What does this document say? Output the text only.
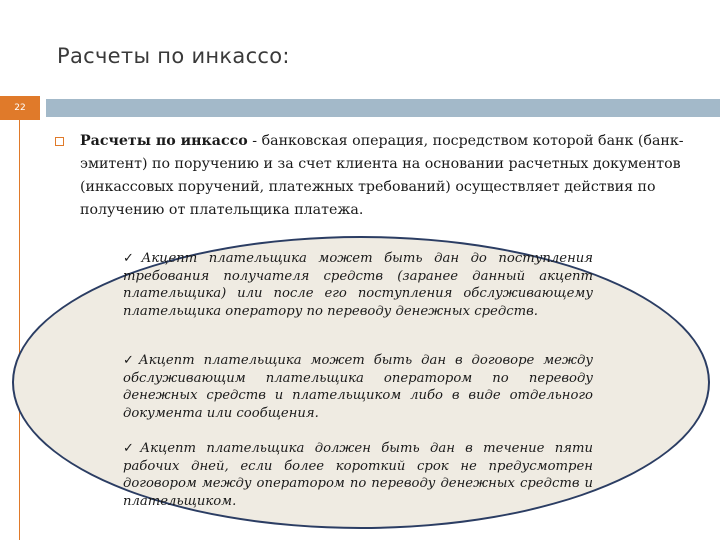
Расчеты по инкассо:
22
Расчеты по инкассо - банковская операция, посредством которой банк (банк-эмитент) по поручению и за счет клиента на основании расчетных документов (инкассовых поручений, платежных требований) осуществляет действия по получению от плательщика платежа.
✓Акцепт плательщика может быть дан до поступления требования получателя средств (заранее данный акцепт плательщика) или после его поступления обслуживающему плательщика оператору по переводу денежных средств.
✓Акцепт плательщика может быть дан в договоре между обслуживающим плательщика оператором по переводу денежных средств и плательщиком либо в виде отдельного документа или сообщения.
✓Акцепт плательщика должен быть дан в течение пяти рабочих дней, если более короткий срок не предусмотрен договором между оператором по переводу денежных средств и плательщиком.
